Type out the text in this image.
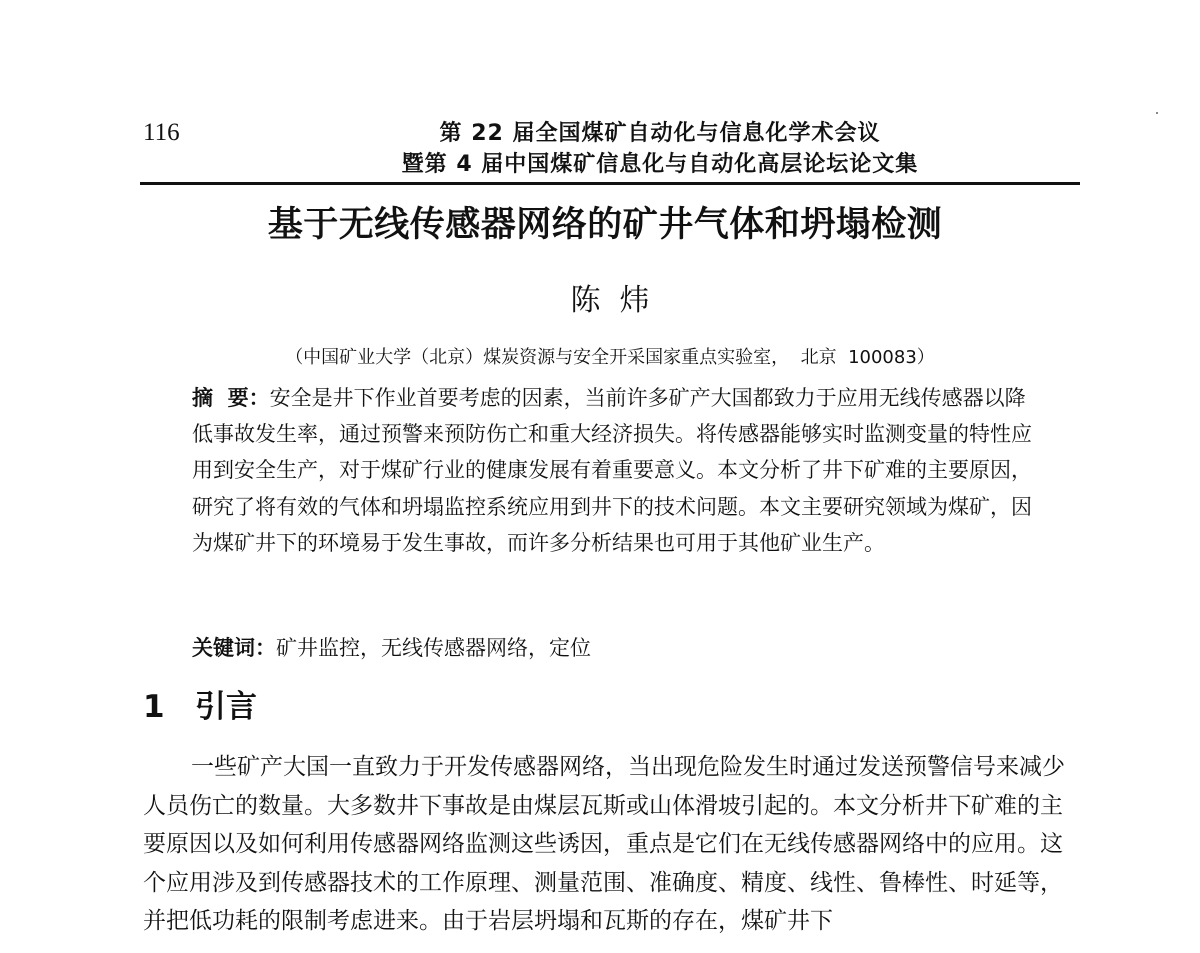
116	第 22 届全国煤矿自动化与信息化学术会议
暨第 4 届中国煤矿信息化与自动化高层论坛论文集
基于无线传感器网络的矿井气体和坍塌检测
陈  炜
（中国矿业大学（北京）煤炭资源与安全开采国家重点实验室，  北京  100083）

摘  要：安全是井下作业首要考虑的因素，当前许多矿产大国都致力于应用无线传感器以降低事故发生率，通过预警来预防伤亡和重大经济损失。将传感器能够实时监测变量的特性应用到安全生产，对于煤矿行业的健康发展有着重要意义。本文分析了井下矿难的主要原因，研究了将有效的气体和坍塌监控系统应用到井下的技术问题。本文主要研究领域为煤矿，因为煤矿井下的环境易于发生事故，而许多分析结果也可用于其他矿业生产。

关键词：矿井监控，无线传感器网络，定位
1 引言

一些矿产大国一直致力于开发传感器网络，当出现危险发生时通过发送预警信号来减少人员伤亡的数量。大多数井下事故是由煤层瓦斯或山体滑坡引起的。本文分析井下矿难的主要原因以及如何利用传感器网络监测这些诱因，重点是它们在无线传感器网络中的应用。这个应用涉及到传感器技术的工作原理、测量范围、准确度、精度、线性、鲁棒性、时延等，并把低功耗的限制考虑进来。由于岩层坍塌和瓦斯的存在，煤矿井下
